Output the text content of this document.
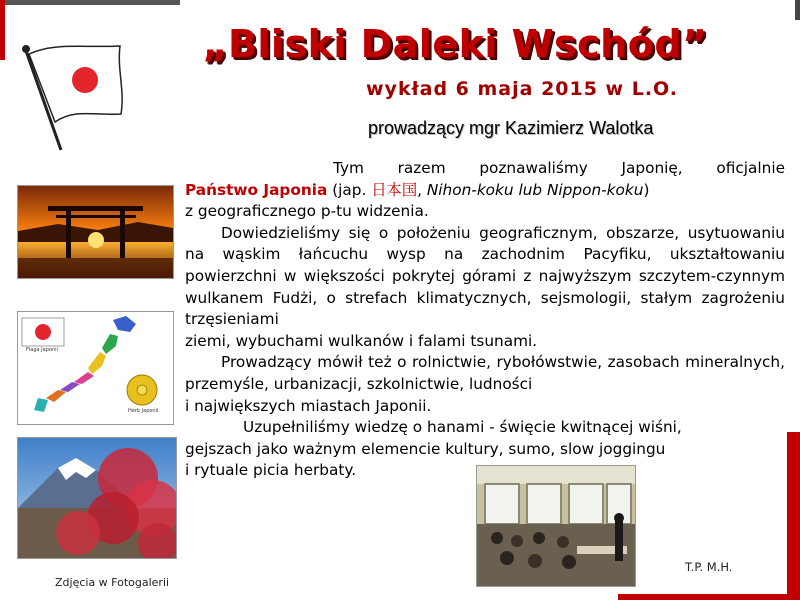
„Bliski Daleki Wschód”
wykład 6 maja 2015 w L.O.
prowadzący mgr Kazimierz Walotka
Flaga Japonii
Herb Japonii

Tym razem poznawaliśmy Japonię, oficjalnie

Państwo Japonia (jap. 日本国, Nihon-koku lub Nippon-koku)

z geograficznego p-tu widzenia.

Dowiedzieliśmy się o położeniu geograficznym, obszarze, usytuowaniu na wąskim łańcuchu wysp na zachodnim Pacyfiku, ukształtowaniu powierzchni w większości pokrytej górami z najwyższym szczytem-czynnym wulkanem Fudżi, o strefach klimatycznych, sejsmologii, stałym zagrożeniu trzęsieniami

ziemi, wybuchami wulkanów i falami tsunami.

Prowadzący mówił też o rolnictwie, rybołówstwie, zasobach mineralnych, przemyśle, urbanizacji, szkolnictwie, ludności

i największych miastach Japonii.

Uzupełniliśmy wiedzę o hanami - święcie kwitnącej wiśni,

gejszach jako ważnym elemencie kultury, sumo, slow joggingu

i rytuale picia herbaty.

Zdjęcia w Fotogalerii
T.P. M.H.
